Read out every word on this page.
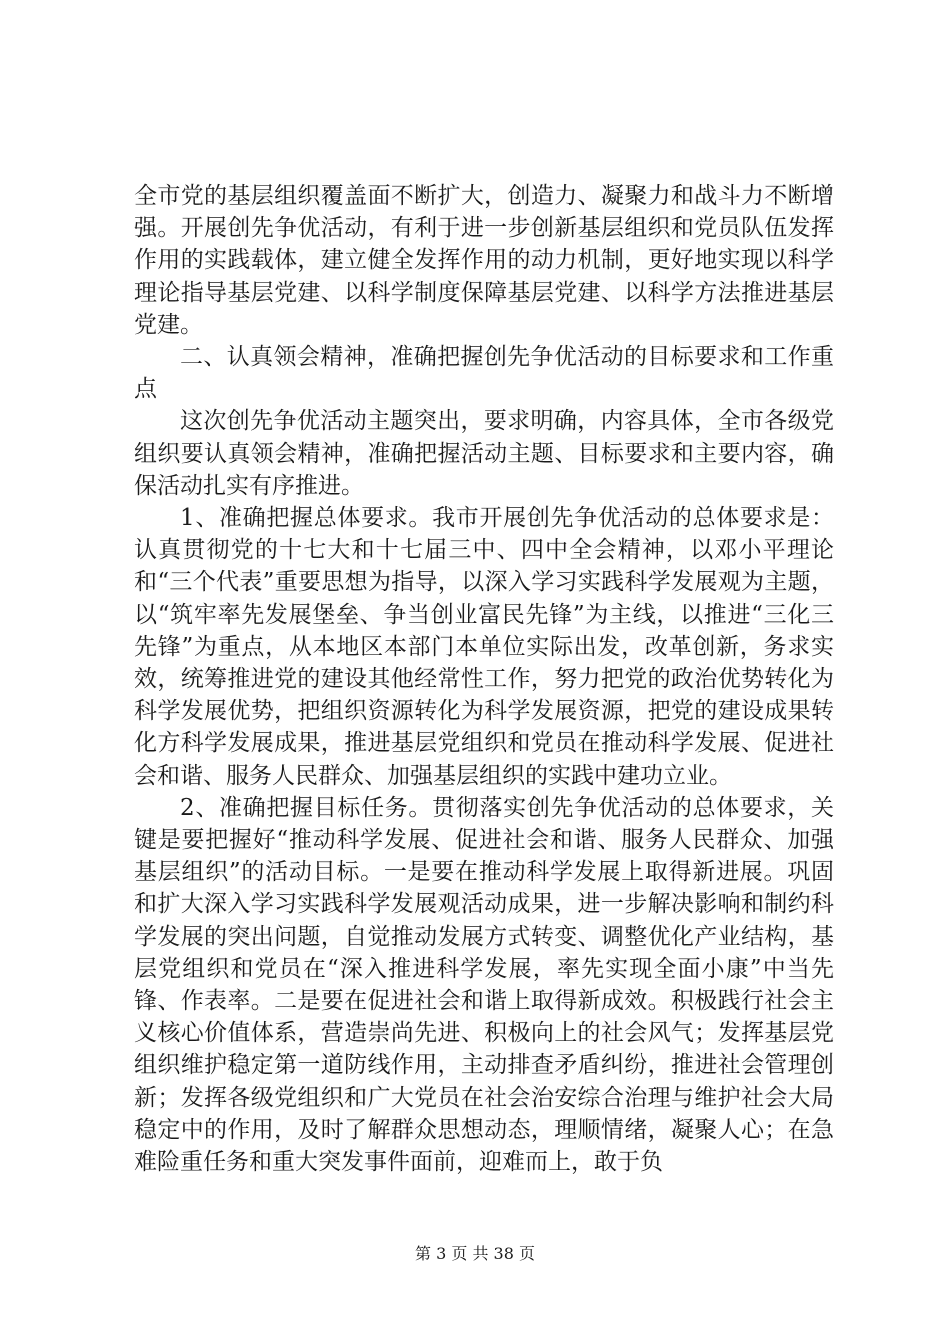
全市党的基层组织覆盖面不断扩大，创造力、凝聚力和战斗力不断增强。开展创先争优活动，有利于进一步创新基层组织和党员队伍发挥作用的实践载体，建立健全发挥作用的动力机制，更好地实现以科学理论指导基层党建、以科学制度保障基层党建、以科学方法推进基层党建。

二、认真领会精神，准确把握创先争优活动的目标要求和工作重点

这次创先争优活动主题突出，要求明确，内容具体，全市各级党组织要认真领会精神，准确把握活动主题、目标要求和主要内容，确保活动扎实有序推进。

1、准确把握总体要求。我市开展创先争优活动的总体要求是：认真贯彻党的十七大和十七届三中、四中全会精神，以邓小平理论和“三个代表”重要思想为指导，以深入学习实践科学发展观为主题，以“筑牢率先发展堡垒、争当创业富民先锋”为主线，以推进“三化三先锋”为重点，从本地区本部门本单位实际出发，改革创新，务求实效，统筹推进党的建设其他经常性工作，努力把党的政治优势转化为科学发展优势，把组织资源转化为科学发展资源，把党的建设成果转化方科学发展成果，推进基层党组织和党员在推动科学发展、促进社会和谐、服务人民群众、加强基层组织的实践中建功立业。

2、准确把握目标任务。贯彻落实创先争优活动的总体要求，关键是要把握好“推动科学发展、促进社会和谐、服务人民群众、加强基层组织”的活动目标。一是要在推动科学发展上取得新进展。巩固和扩大深入学习实践科学发展观活动成果，进一步解决影响和制约科学发展的突出问题，自觉推动发展方式转变、调整优化产业结构，基层党组织和党员在“深入推进科学发展，率先实现全面小康”中当先锋、作表率。二是要在促进社会和谐上取得新成效。积极践行社会主义核心价值体系，营造崇尚先进、积极向上的社会风气；发挥基层党组织维护稳定第一道防线作用，主动排查矛盾纠纷，推进社会管理创新；发挥各级党组织和广大党员在社会治安综合治理与维护社会大局稳定中的作用，及时了解群众思想动态，理顺情绪，凝聚人心；在急难险重任务和重大突发事件面前，迎难而上，敢于负

第 3 页 共 38 页
